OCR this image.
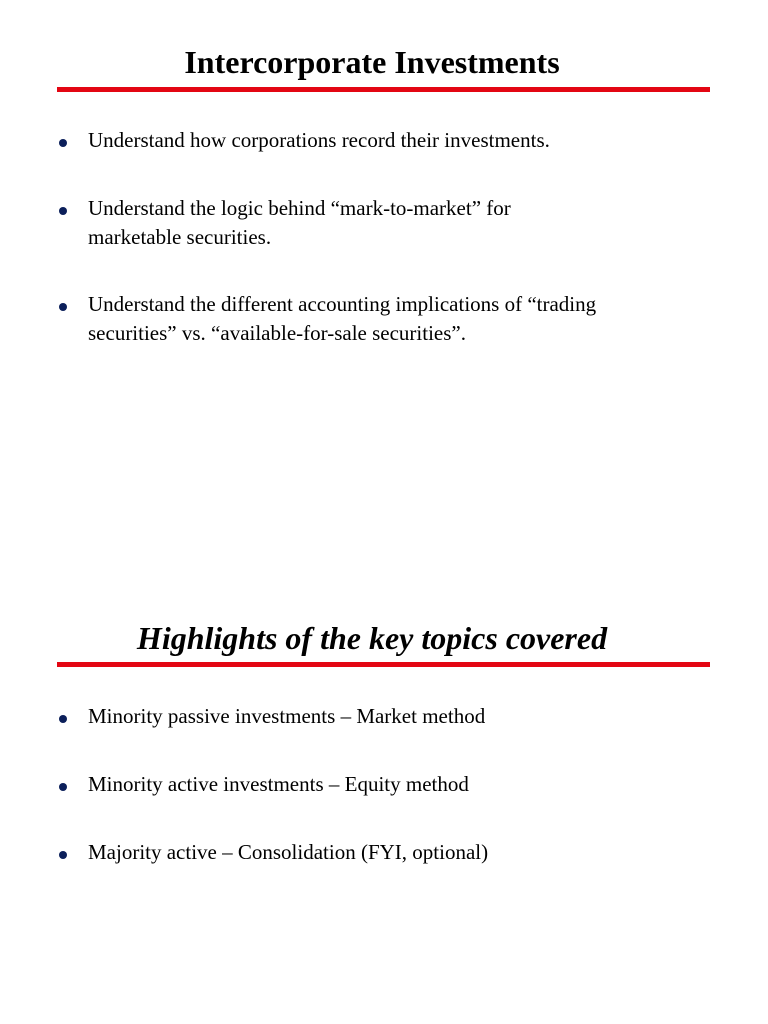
Intercorporate Investments
Understand how corporations record their investments.
Understand the logic behind “mark-to-market” for marketable securities.
Understand the different accounting implications of “trading securities” vs. “available-for-sale securities”.
Highlights of the key topics covered
Minority passive investments – Market method
Minority active investments – Equity method
Majority active – Consolidation (FYI, optional)
